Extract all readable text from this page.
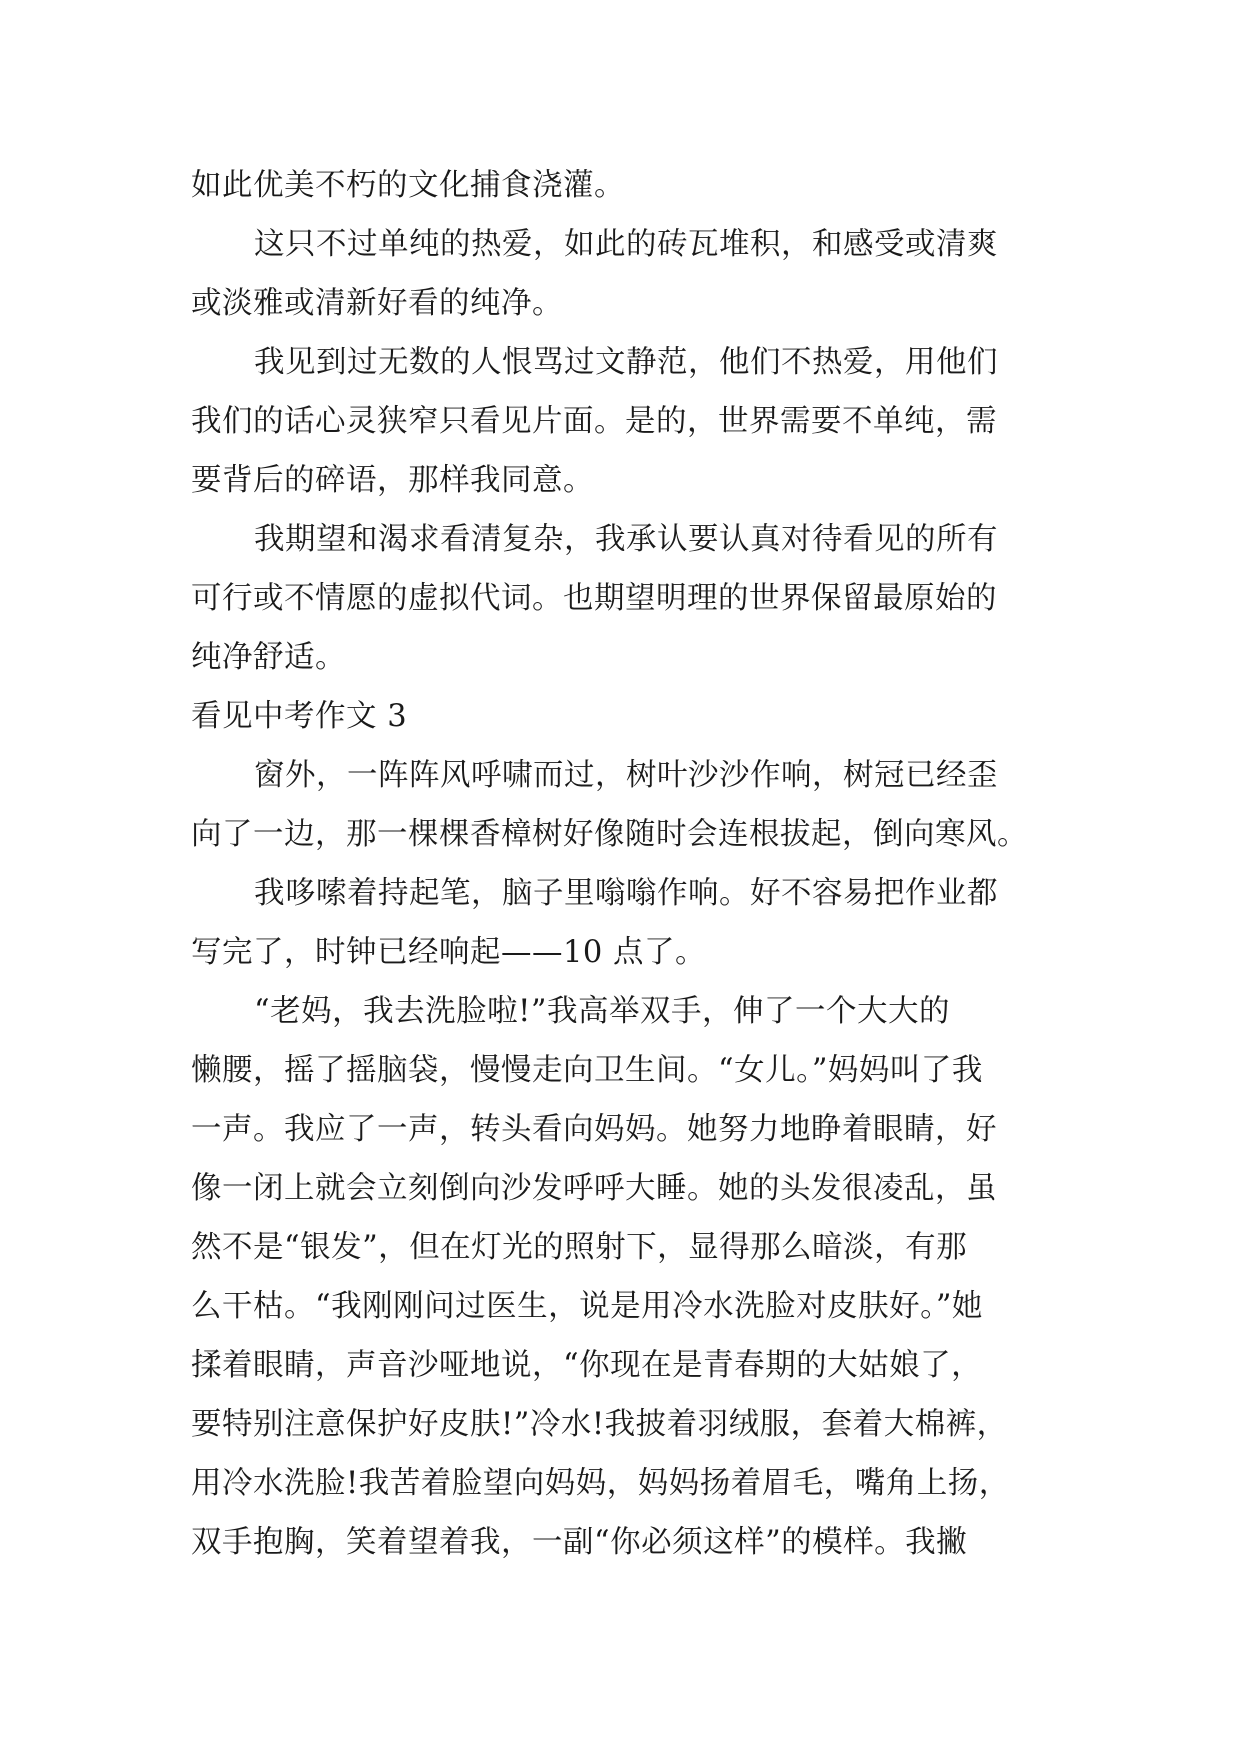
如此优美不朽的文化捕食浇灌。
这只不过单纯的热爱，如此的砖瓦堆积，和感受或清爽
或淡雅或清新好看的纯净。
我见到过无数的人恨骂过文静范，他们不热爱，用他们
我们的话心灵狭窄只看见片面。是的，世界需要不单纯，需
要背后的碎语，那样我同意。
我期望和渴求看清复杂，我承认要认真对待看见的所有
可行或不情愿的虚拟代词。也期望明理的世界保留最原始的
纯净舒适。
看见中考作文 3
窗外，一阵阵风呼啸而过，树叶沙沙作响，树冠已经歪
向了一边，那一棵棵香樟树好像随时会连根拔起，倒向寒风。
我哆嗦着持起笔，脑子里嗡嗡作响。好不容易把作业都
写完了，时钟已经响起——10 点了。
“老妈，我去洗脸啦!”我高举双手，伸了一个大大的
懒腰，摇了摇脑袋，慢慢走向卫生间。“女儿。”妈妈叫了我
一声。我应了一声，转头看向妈妈。她努力地睁着眼睛，好
像一闭上就会立刻倒向沙发呼呼大睡。她的头发很凌乱，虽
然不是“银发”，但在灯光的照射下，显得那么暗淡，有那
么干枯。“我刚刚问过医生，说是用冷水洗脸对皮肤好。”她
揉着眼睛，声音沙哑地说，“你现在是青春期的大姑娘了，
要特别注意保护好皮肤!”冷水!我披着羽绒服，套着大棉裤，
用冷水洗脸!我苦着脸望向妈妈，妈妈扬着眉毛，嘴角上扬，
双手抱胸，笑着望着我，一副“你必须这样”的模样。我撇
